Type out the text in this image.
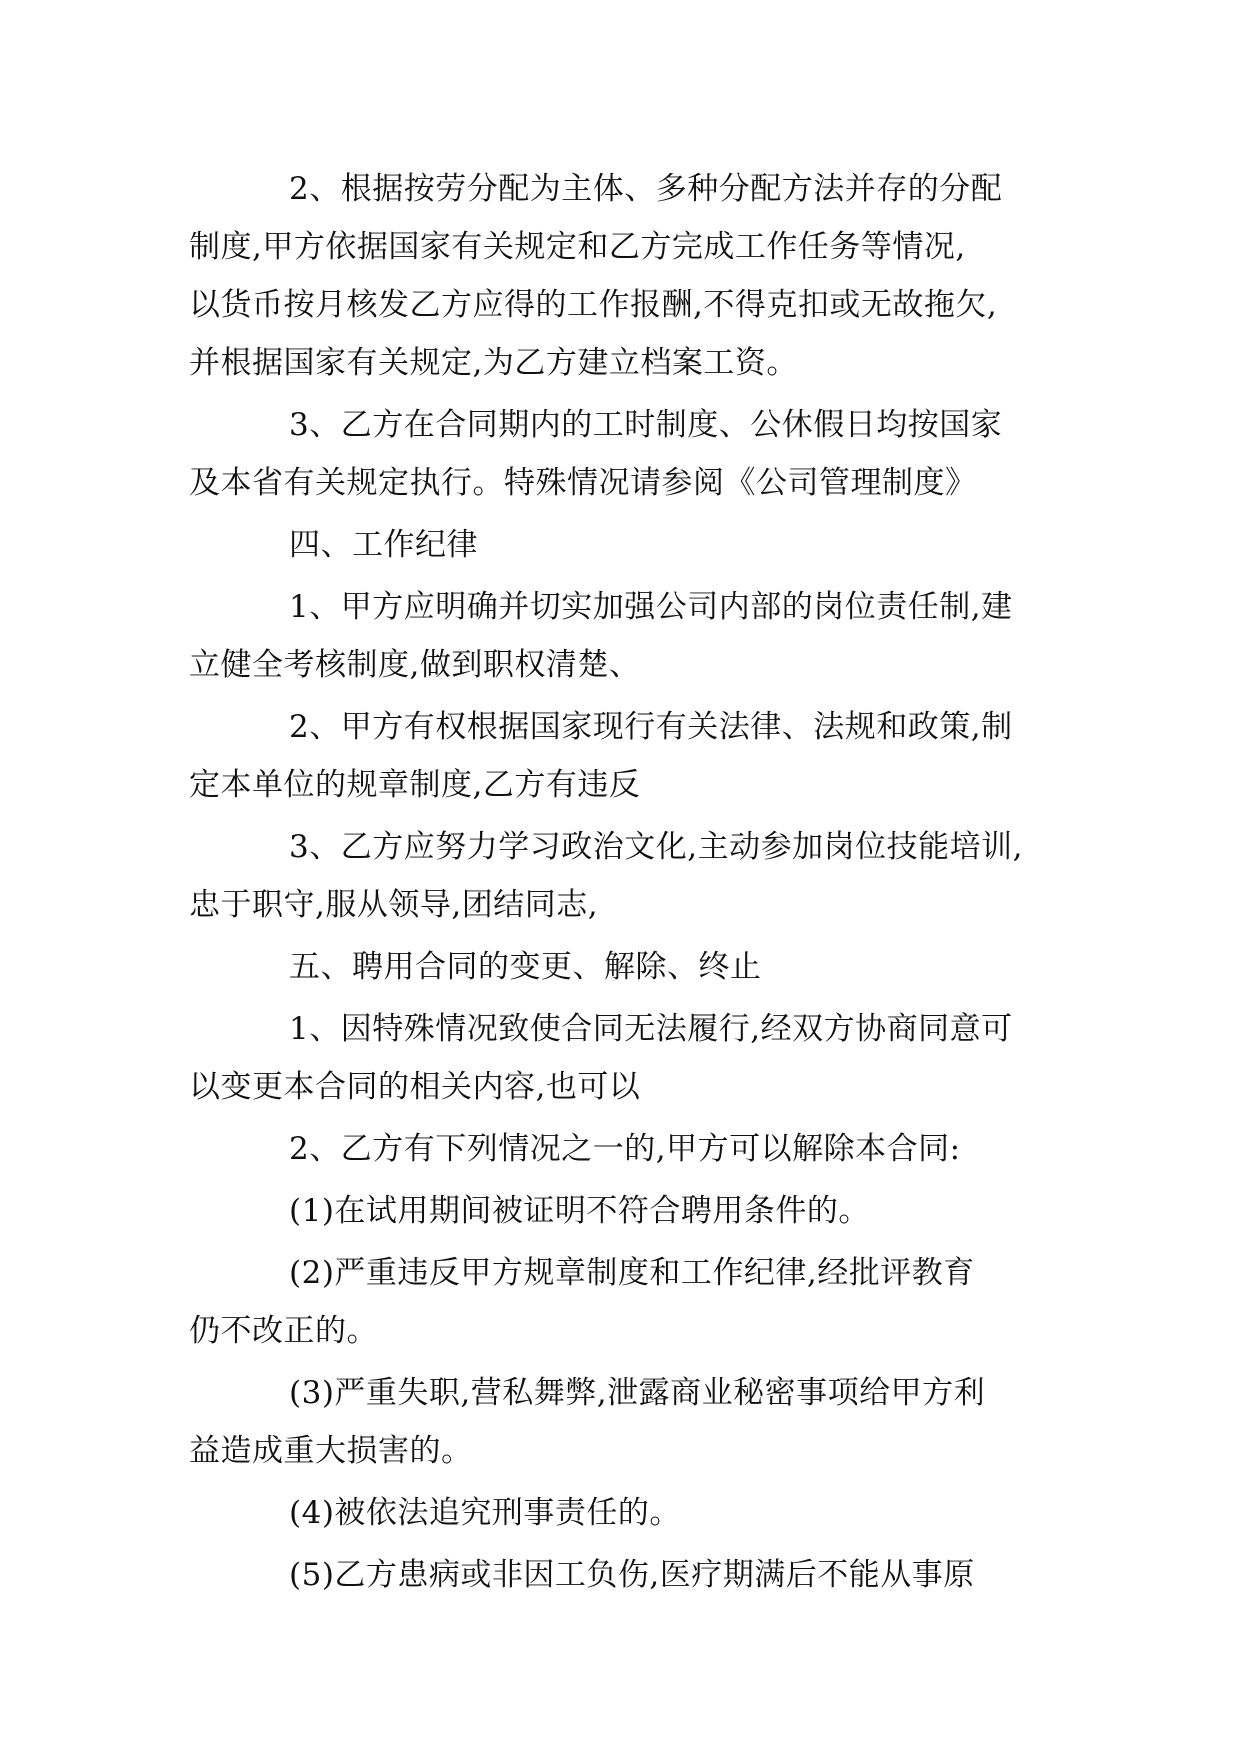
2、根据按劳分配为主体、多种分配方法并存的分配
制度,甲方依据国家有关规定和乙方完成工作任务等情况,
以货币按月核发乙方应得的工作报酬,不得克扣或无故拖欠,
并根据国家有关规定,为乙方建立档案工资。

3、乙方在合同期内的工时制度、公休假日均按国家
及本省有关规定执行。特殊情况请参阅《公司管理制度》

四、工作纪律

1、甲方应明确并切实加强公司内部的岗位责任制,建
立健全考核制度,做到职权清楚、

2、甲方有权根据国家现行有关法律、法规和政策,制
定本单位的规章制度,乙方有违反

3、乙方应努力学习政治文化,主动参加岗位技能培训,
忠于职守,服从领导,团结同志,

五、聘用合同的变更、解除、终止

1、因特殊情况致使合同无法履行,经双方协商同意可
以变更本合同的相关内容,也可以

2、乙方有下列情况之一的,甲方可以解除本合同:

(1)在试用期间被证明不符合聘用条件的。

(2)严重违反甲方规章制度和工作纪律,经批评教育
仍不改正的。

(3)严重失职,营私舞弊,泄露商业秘密事项给甲方利
益造成重大损害的。

(4)被依法追究刑事责任的。

(5)乙方患病或非因工负伤,医疗期满后不能从事原
